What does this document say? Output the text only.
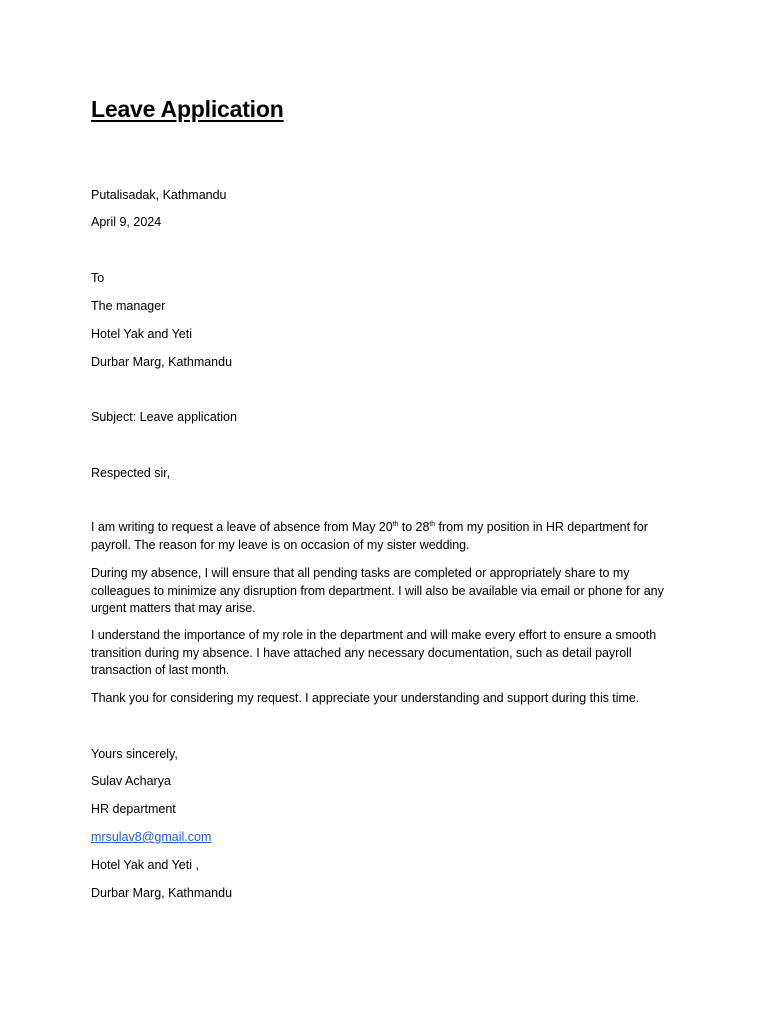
Leave Application

Putalisadak, Kathmandu

April 9, 2024

To

The manager

Hotel Yak and Yeti

Durbar Marg, Kathmandu

Subject: Leave application

Respected sir,

I am writing to request a leave of absence from May 20th to 28th from my position in HR department for payroll. The reason for my leave is on occasion of my sister wedding.

During my absence, I will ensure that all pending tasks are completed or appropriately share to my colleagues to minimize any disruption from department. I will also be available via email or phone for any urgent matters that may arise.

I understand the importance of my role in the department and will make every effort to ensure a smooth transition during my absence. I have attached any necessary documentation, such as detail payroll transaction of last month.

Thank you for considering my request. I appreciate your understanding and support during this time.

Yours sincerely,

Sulav Acharya

HR department

mrsulav8@gmail.com

Hotel Yak and Yeti ,

Durbar Marg, Kathmandu
